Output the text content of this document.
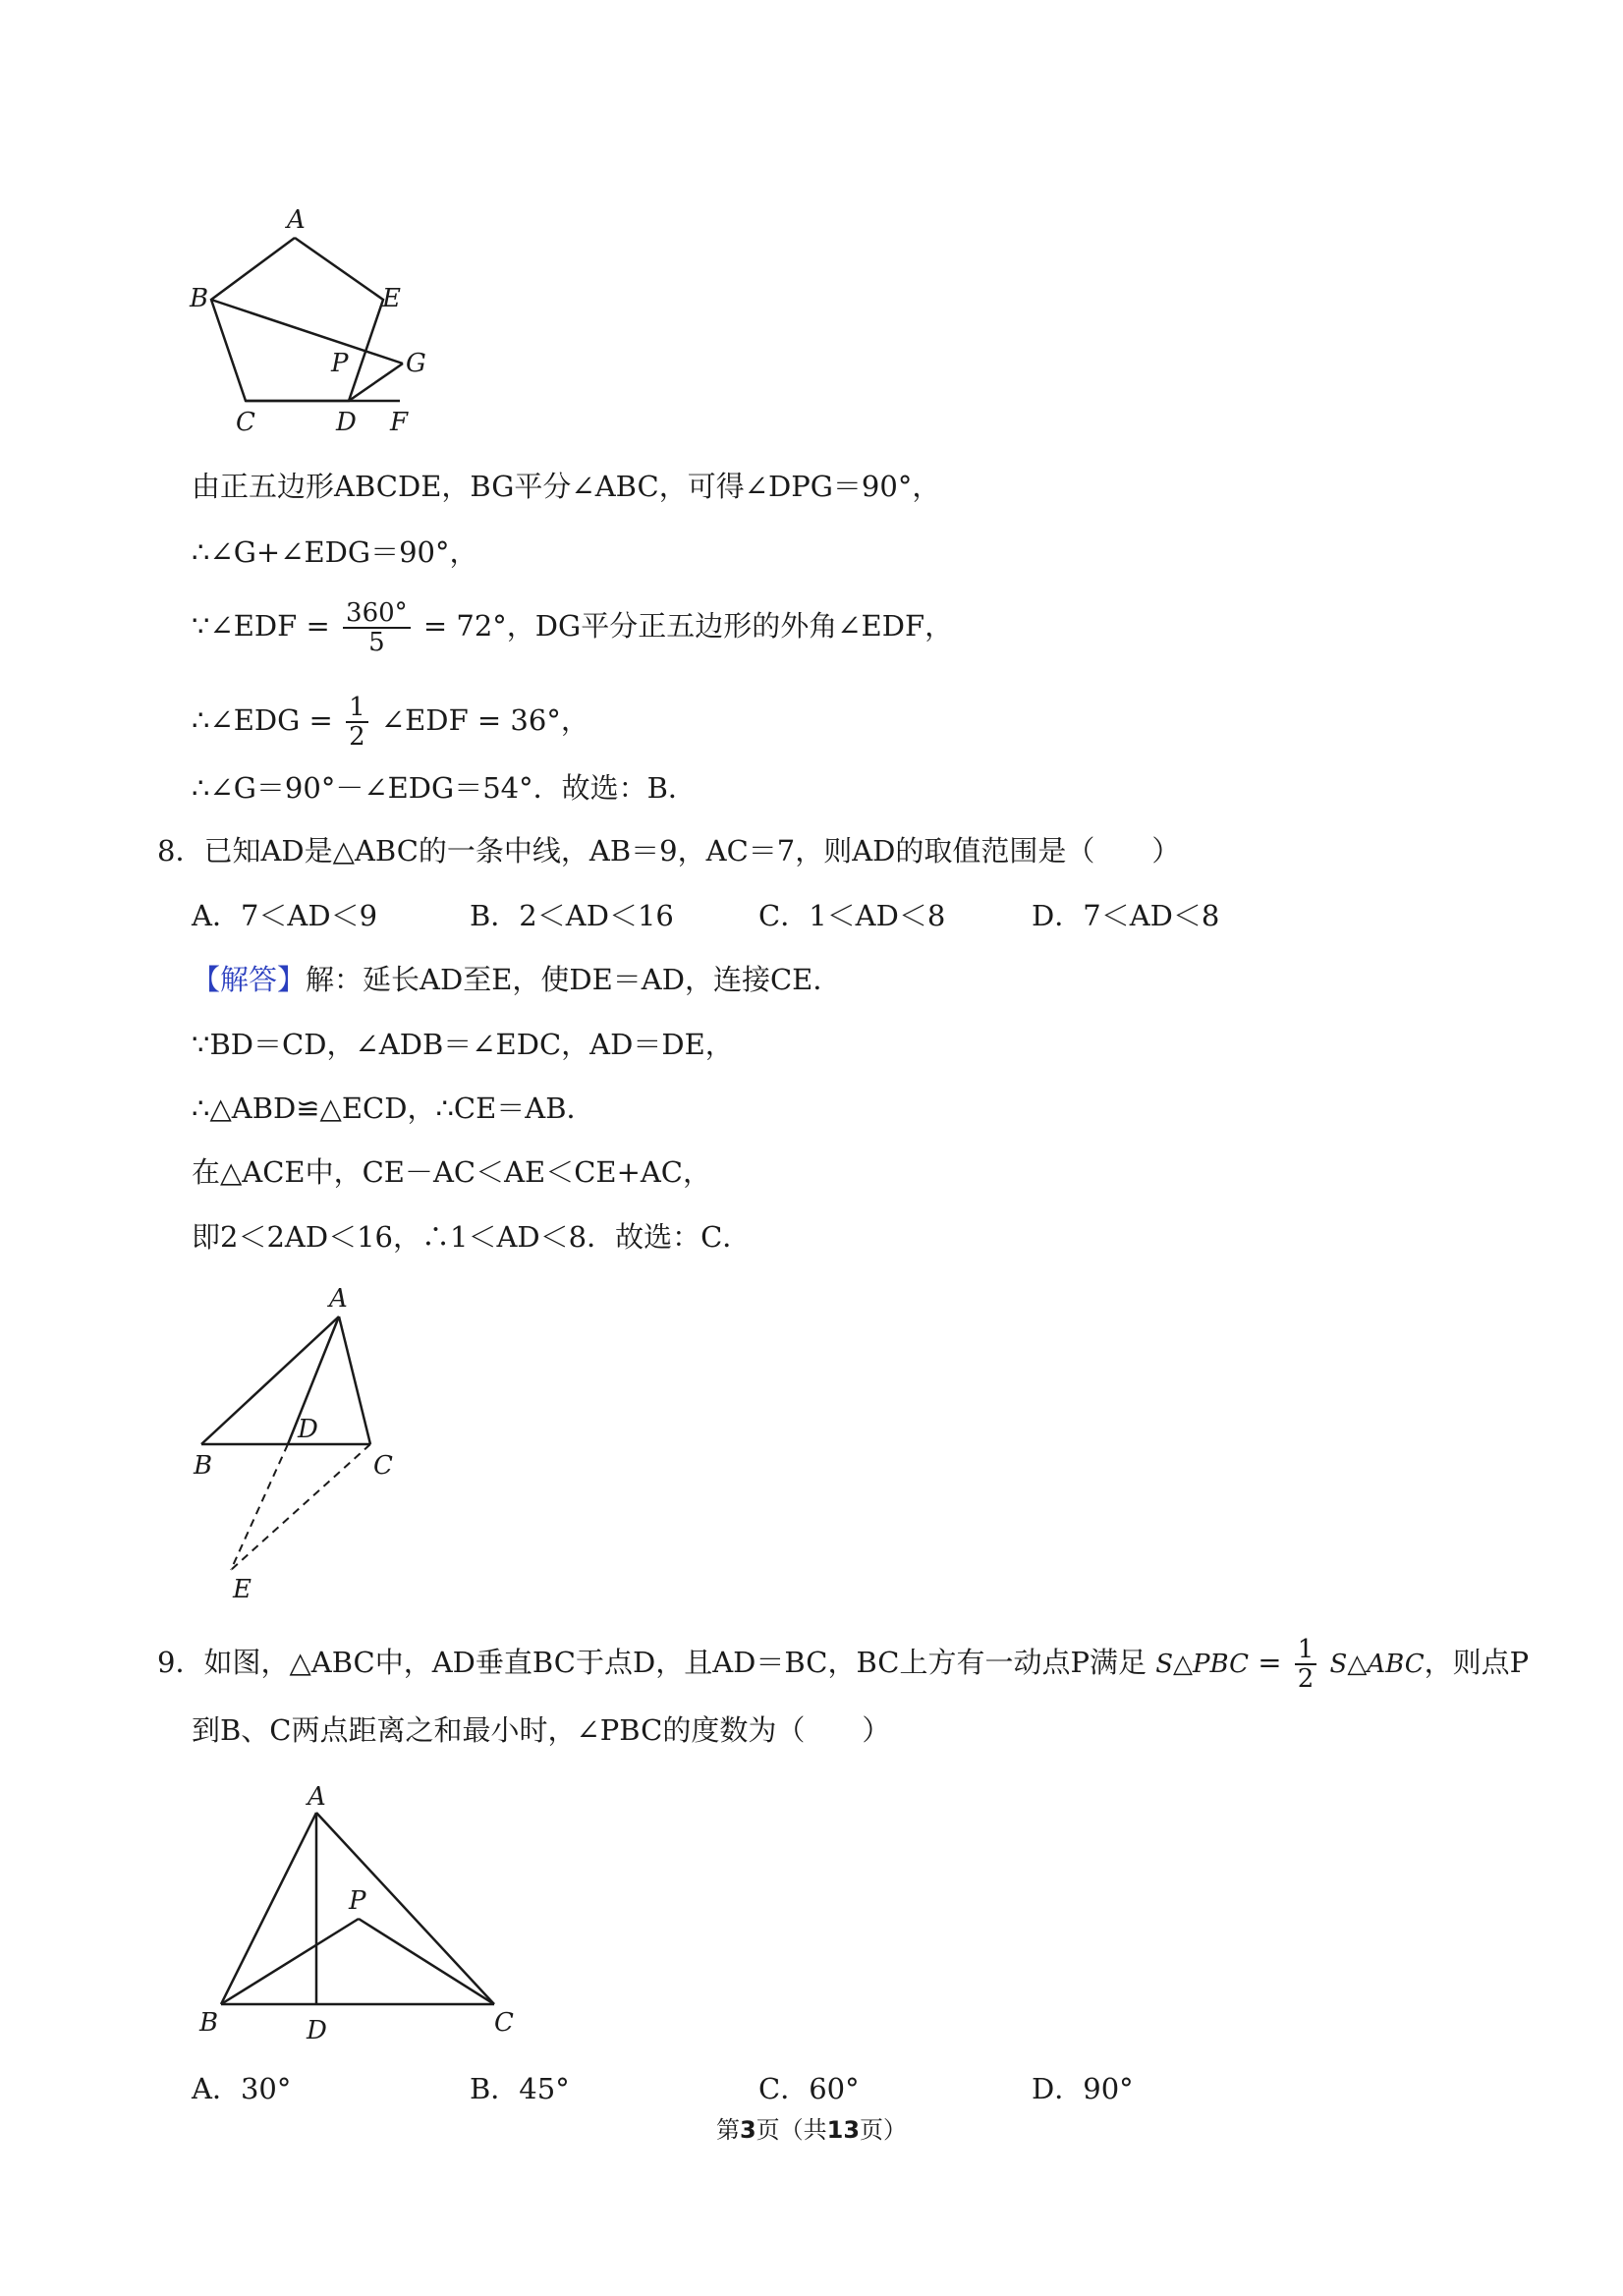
A
B	E
P G
C	D F
由正五边形ABCDE，BG平分∠ABC，可得∠DPG＝90°，
∴∠G+∠EDG＝90°，
∵∠EDF = $\frac{360^\circ}{5} = 72^\circ$，DG平分正五边形的外角∠EDF，
∴∠EDG = $\frac{1}{2}$ ∠EDF = 36°，
∴∠G＝90°－∠EDG＝54°．故选：B．
8．已知AD是△ABC的一条中线，AB＝9，AC＝7，则AD的取值范围是（　　）
A．7＜AD＜9	B．2＜AD＜16	C．1＜AD＜8	D．7＜AD＜8
【解答】解：延长AD至E，使DE＝AD，连接CE．
∵BD＝CD，∠ADB＝∠EDC，AD＝DE，
∴△ABD≌△ECD，∴CE＝AB．
在△ACE中，CE－AC＜AE＜CE+AC，
即2＜2AD＜16，∴1＜AD＜8．故选：C．
A
B
D
C
E
9．如图，△ABC中，AD垂直BC于点D，且AD＝BC，BC上方有一动点P满足 S△PBC = $\frac{1}{2}$ S△ABC，则点P
到B、C两点距离之和最小时，∠PBC的度数为（　　）
A
P
B	D	C
A．30°	B．45°	C．60°	D．90°
第3页（共13页）
